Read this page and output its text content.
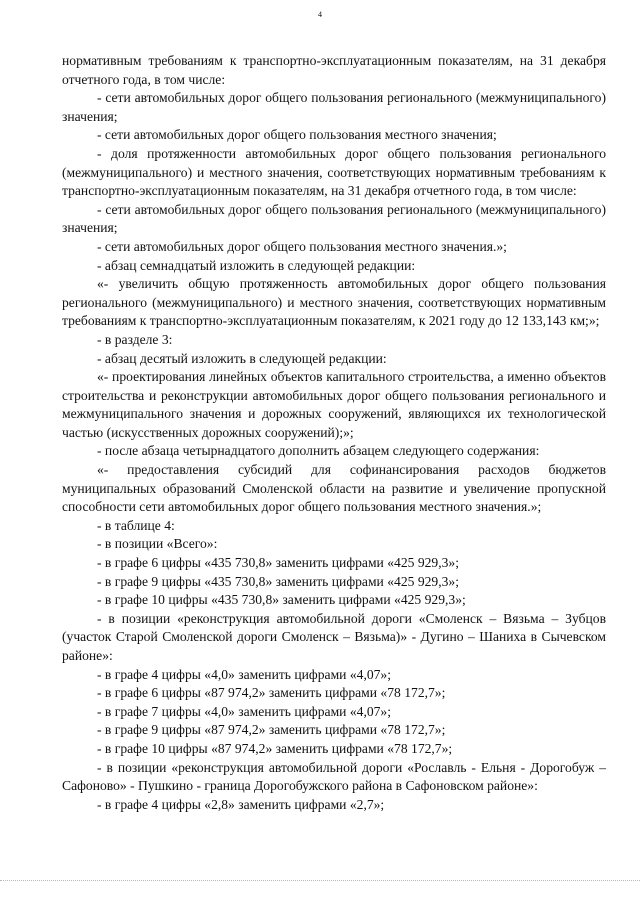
4

нормативным требованиям к транспортно-эксплуатационным показателям, на 31 декабря отчетного года, в том числе:

- сети автомобильных дорог общего пользования регионального (межмуниципального) значения;

- сети автомобильных дорог общего пользования местного значения;

- доля протяженности автомобильных дорог общего пользования регионального (межмуниципального) и местного значения, соответствующих нормативным требованиям к транспортно-эксплуатационным показателям, на 31 декабря отчетного года, в том числе:

- сети автомобильных дорог общего пользования регионального (межмуниципального) значения;

- сети автомобильных дорог общего пользования местного значения.»;

- абзац семнадцатый изложить в следующей редакции:

«- увеличить общую протяженность автомобильных дорог общего пользования регионального (межмуниципального) и местного значения, соответствующих нормативным требованиям к транспортно-эксплуатационным показателям, к 2021 году до 12 133,143 км;»;

- в разделе 3:

- абзац десятый изложить в следующей редакции:

«- проектирования линейных объектов капитального строительства, а именно объектов строительства и реконструкции автомобильных дорог общего пользования регионального и межмуниципального значения и дорожных сооружений, являющихся их технологической частью (искусственных дорожных сооружений);»;

- после абзаца четырнадцатого дополнить абзацем следующего содержания:

«- предоставления субсидий для софинансирования расходов бюджетов муниципальных образований Смоленской области на развитие и увеличение пропускной способности сети автомобильных дорог общего пользования местного значения.»;

- в таблице 4:

- в позиции «Всего»:

- в графе 6 цифры «435 730,8» заменить цифрами «425 929,3»;

- в графе 9 цифры «435 730,8» заменить цифрами «425 929,3»;

- в графе 10 цифры «435 730,8» заменить цифрами «425 929,3»;

- в позиции «реконструкция автомобильной дороги «Смоленск – Вязьма – Зубцов (участок Старой Смоленской дороги Смоленск – Вязьма)» - Дугино – Шаниха в Сычевском районе»:

- в графе 4 цифры «4,0» заменить цифрами «4,07»;

- в графе 6 цифры «87 974,2» заменить цифрами «78 172,7»;

- в графе 7 цифры «4,0» заменить цифрами «4,07»;

- в графе 9 цифры «87 974,2» заменить цифрами «78 172,7»;

- в графе 10 цифры «87 974,2» заменить цифрами «78 172,7»;

- в позиции «реконструкция автомобильной дороги «Рославль - Ельня - Дорогобуж – Сафоново» - Пушкино - граница Дорогобужского района в Сафоновском районе»:

- в графе 4 цифры «2,8» заменить цифрами «2,7»;
